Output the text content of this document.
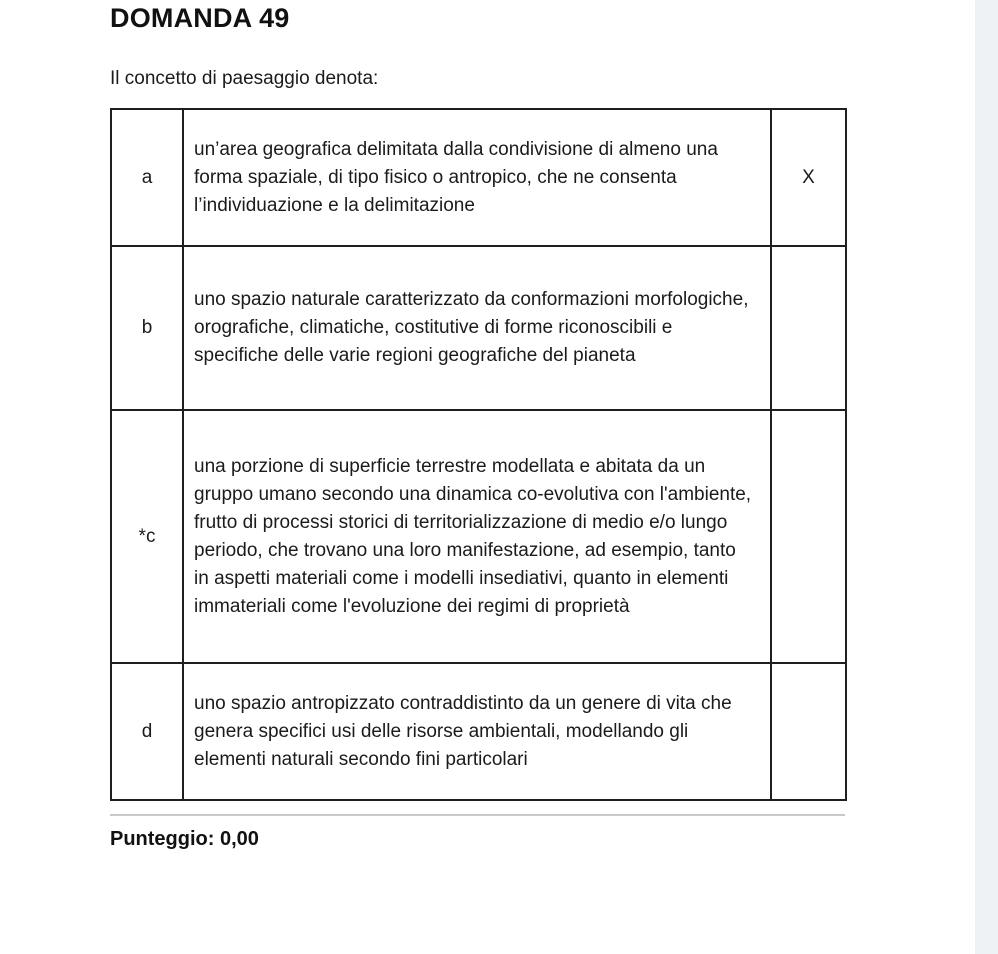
DOMANDA 49

Il concetto di paesaggio denota:

a	un’area geografica delimitata dalla condivisione di almeno una forma spaziale, di tipo fisico o antropico, che ne consenta l’individuazione e la delimitazione	X
b	uno spazio naturale caratterizzato da conformazioni morfologiche, orografiche, climatiche, costitutive di forme riconoscibili e specifiche delle varie regioni geografiche del pianeta	
*c	una porzione di superficie terrestre modellata e abitata da un gruppo umano secondo una dinamica co-evolutiva con l'ambiente, frutto di processi storici di territorializzazione di medio e/o lungo periodo, che trovano una loro manifestazione, ad esempio, tanto in aspetti materiali come i modelli insediativi, quanto in elementi immateriali come l'evoluzione dei regimi di proprietà	
d	uno spazio antropizzato contraddistinto da un genere di vita che genera specifici usi delle risorse ambientali, modellando gli elementi naturali secondo fini particolari	

Punteggio: 0,00
